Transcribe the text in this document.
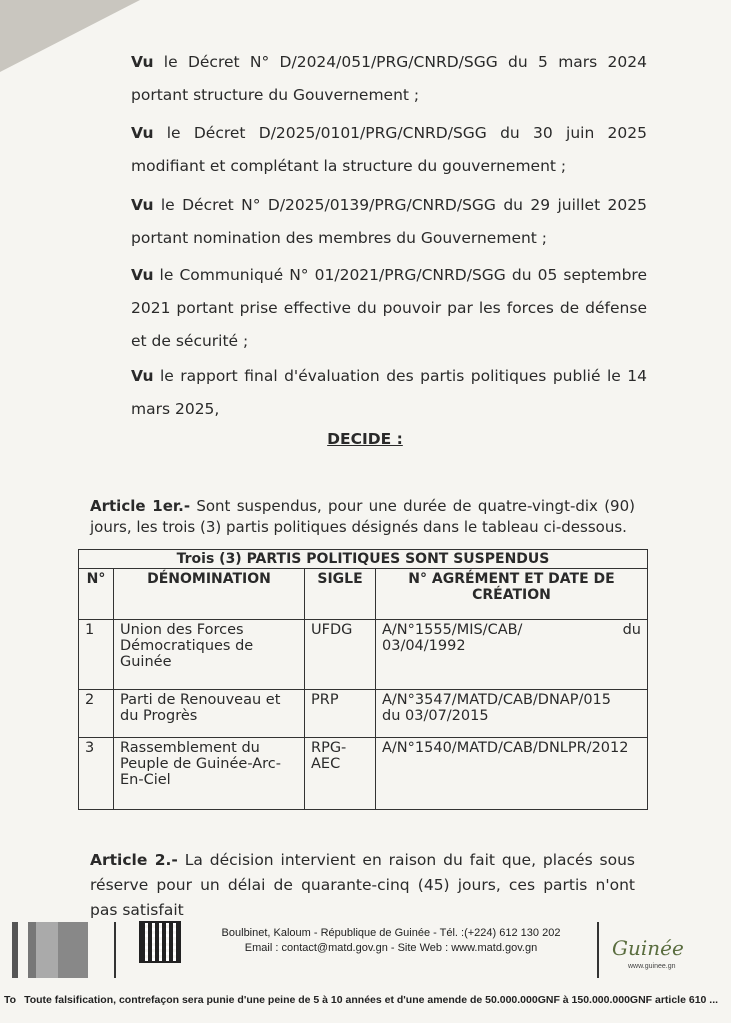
Vu le Décret N° D/2024/051/PRG/CNRD/SGG du 5 mars 2024 portant structure du Gouvernement ;

Vu le Décret D/2025/0101/PRG/CNRD/SGG du 30 juin 2025 modifiant et complétant la structure du gouvernement ;

Vu le Décret N° D/2025/0139/PRG/CNRD/SGG du 29 juillet 2025 portant nomination des membres du Gouvernement ;

Vu le Communiqué N° 01/2021/PRG/CNRD/SGG du 05 septembre 2021 portant prise effective du pouvoir par les forces de défense et de sécurité ;

Vu le rapport final d'évaluation des partis politiques publié le 14 mars 2025,

DECIDE :

Article 1er.- Sont suspendus, pour une durée de quatre-vingt-dix (90) jours, les trois (3) partis politiques désignés dans le tableau ci-dessous.

Trois (3) PARTIS POLITIQUES SONT SUSPENDUS			
N°	DÉNOMINATION	SIGLE	N° AGRÉMENT ET DATE DE CRÉATION
1	Union des Forces Démocratiques de Guinée	UFDG	A/N°1555/MIS/CAB/ du
03/04/1992

2	Parti de Renouveau et du Progrès	PRP	A/N°3547/MATD/CAB/DNAP/015
du 03/07/2015

3	Rassemblement du Peuple de Guinée-Arc-En-Ciel	RPG-AEC	A/N°1540/MATD/CAB/DNLPR/2012

Article 2.- La décision intervient en raison du fait que, placés sous réserve pour un délai de quarante-cinq (45) jours, ces partis n'ont pas satisfait

Boulbinet, Kaloum - République de Guinée - Tél. :(+224) 612 130 202
Email : contact@matd.gov.gn - Site Web : www.matd.gov.gn	Guinée
www.guinee.gn
To Toute falsification, contrefaçon sera punie d'une peine de 5 à 10 années et d'une amende de 50.000.000GNF à 150.000.000GNF article 610 ...
